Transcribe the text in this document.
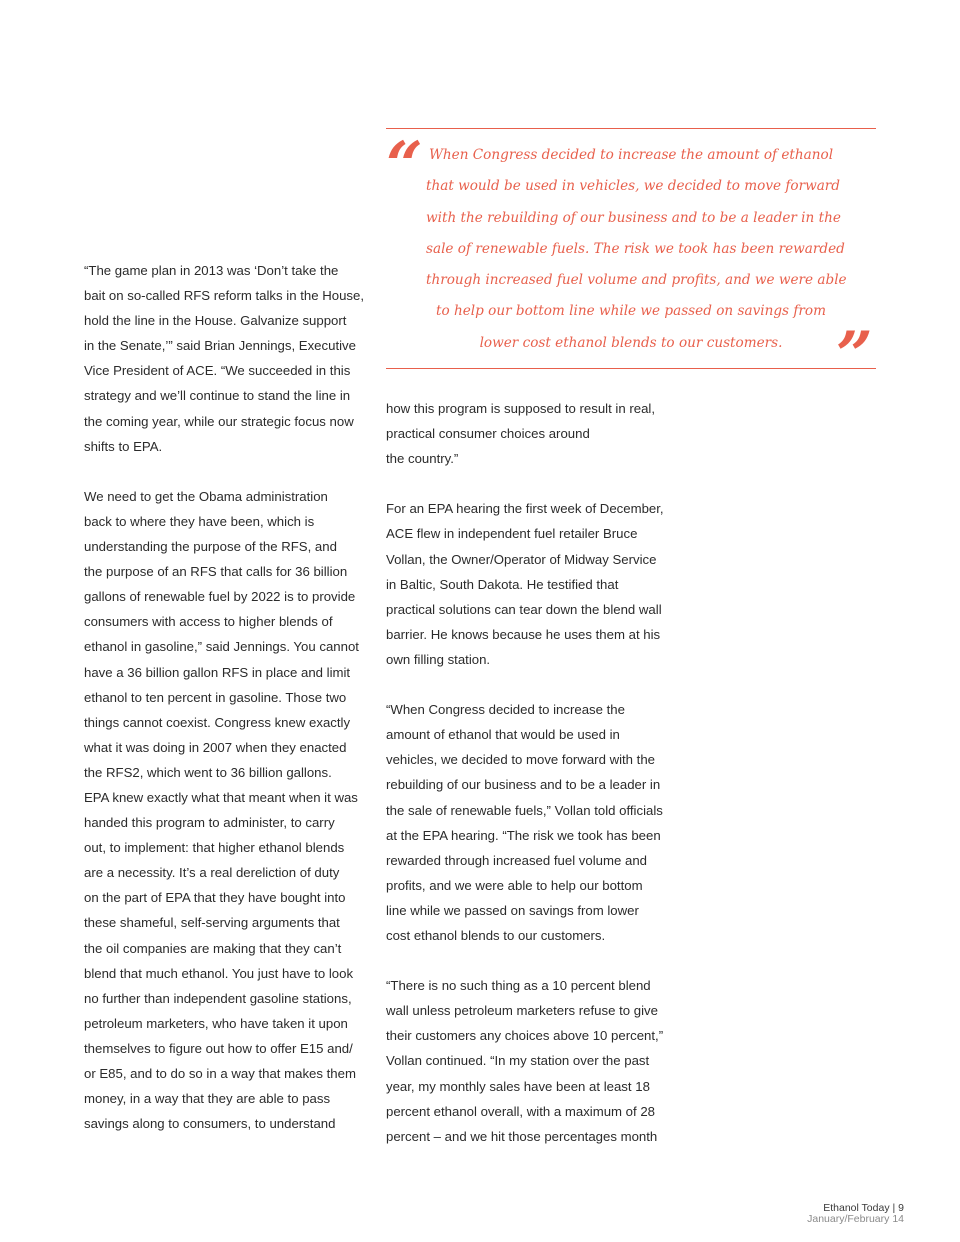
“ When Congress decided to increase the amount of ethanol
that would be used in vehicles, we decided to move forward
with the rebuilding of our business and to be a leader in the
sale of renewable fuels. The risk we took has been rewarded
through increased fuel volume and profits, and we were able
to help our bottom line while we passed on savings from
lower cost ethanol blends to our customers. ”

“The game plan in 2013 was ‘Don’t take the
bait on so-called RFS reform talks in the House,
hold the line in the House. Galvanize support
in the Senate,’” said Brian Jennings, Executive
Vice President of ACE. “We succeeded in this
strategy and we’ll continue to stand the line in
the coming year, while our strategic focus now
shifts to EPA.

We need to get the Obama administration
back to where they have been, which is
understanding the purpose of the RFS, and
the purpose of an RFS that calls for 36 billion
gallons of renewable fuel by 2022 is to provide
consumers with access to higher blends of
ethanol in gasoline,” said Jennings. You cannot
have a 36 billion gallon RFS in place and limit
ethanol to ten percent in gasoline. Those two
things cannot coexist. Congress knew exactly
what it was doing in 2007 when they enacted
the RFS2, which went to 36 billion gallons.
EPA knew exactly what that meant when it was
handed this program to administer, to carry
out, to implement: that higher ethanol blends
are a necessity. It’s a real dereliction of duty
on the part of EPA that they have bought into
these shameful, self-serving arguments that
the oil companies are making that they can’t
blend that much ethanol. You just have to look
no further than independent gasoline stations,
petroleum marketers, who have taken it upon
themselves to figure out how to offer E15 and/
or E85, and to do so in a way that makes them
money, in a way that they are able to pass
savings along to consumers, to understand

how this program is supposed to result in real,
practical consumer choices around
the country.”

For an EPA hearing the first week of December,
ACE flew in independent fuel retailer Bruce
Vollan, the Owner/Operator of Midway Service
in Baltic, South Dakota. He testified that
practical solutions can tear down the blend wall
barrier. He knows because he uses them at his
own filling station.

“When Congress decided to increase the
amount of ethanol that would be used in
vehicles, we decided to move forward with the
rebuilding of our business and to be a leader in
the sale of renewable fuels,” Vollan told officials
at the EPA hearing. “The risk we took has been
rewarded through increased fuel volume and
profits, and we were able to help our bottom
line while we passed on savings from lower
cost ethanol blends to our customers.

“There is no such thing as a 10 percent blend
wall unless petroleum marketers refuse to give
their customers any choices above 10 percent,”
Vollan continued. “In my station over the past
year, my monthly sales have been at least 18
percent ethanol overall, with a maximum of 28
percent – and we hit those percentages month

Ethanol Today | 9
January/February 14
